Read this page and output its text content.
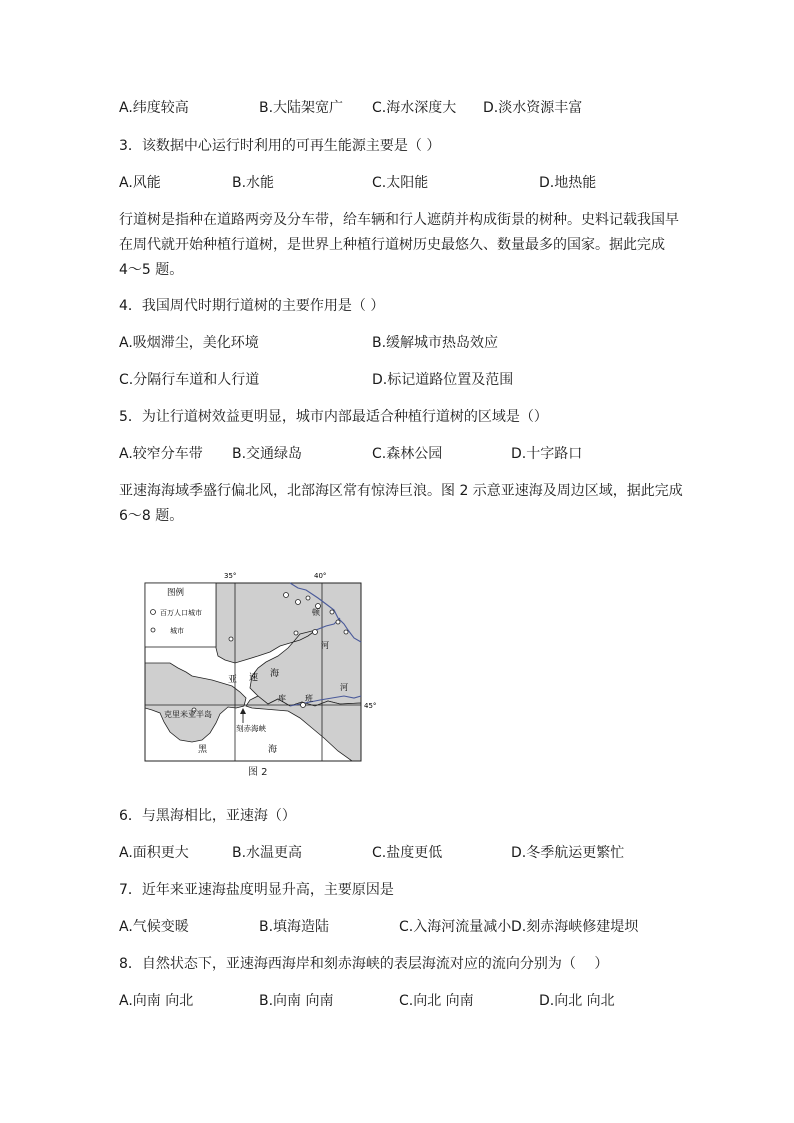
A.纬度较高	B.大陆架宽广 C.海水深度大 D.淡水资源丰富
3．该数据中心运行时利用的可再生能源主要是（ ）
A.风能	B.水能	C.太阳能	D.地热能
行道树是指种在道路两旁及分车带，给车辆和行人遮荫并构成街景的树种。史料记载我国早
在周代就开始种植行道树，是世界上种植行道树历史最悠久、数量最多的国家。据此完成
4～5 题。
4．我国周代时期行道树的主要作用是（ ）
A.吸烟滞尘，美化环境	B.缓解城市热岛效应
C.分隔行车道和人行道	D.标记道路位置及范围
5．为让行道树效益更明显，城市内部最适合种植行道树的区域是（）
A.较窄分车带 B.交通绿岛	C.森林公园	D.十字路口
亚速海海域季盛行偏北风，北部海区常有惊涛巨浪。图 2 示意亚速海及周边区域，据此完成
6～8 题。
35°	40°
45°
图例
百万人口城市
城市
亚 速 海
顿
河
库 班
河
克里米亚半岛
刻赤海峡
黑	海
图 2
6．与黑海相比，亚速海（）
A.面积更大	B.水温更高	C.盐度更低	D.冬季航运更繁忙
7．近年来亚速海盐度明显升高，主要原因是
A.气候变暖	B.填海造陆	C.入海河流量减小 D.刻赤海峡修建堤坝
8．自然状态下，亚速海西海岸和刻赤海峡的表层海流对应的流向分别为（　 ）
A.向南 向北	B.向南 向南	C.向北 向南	D.向北 向北
